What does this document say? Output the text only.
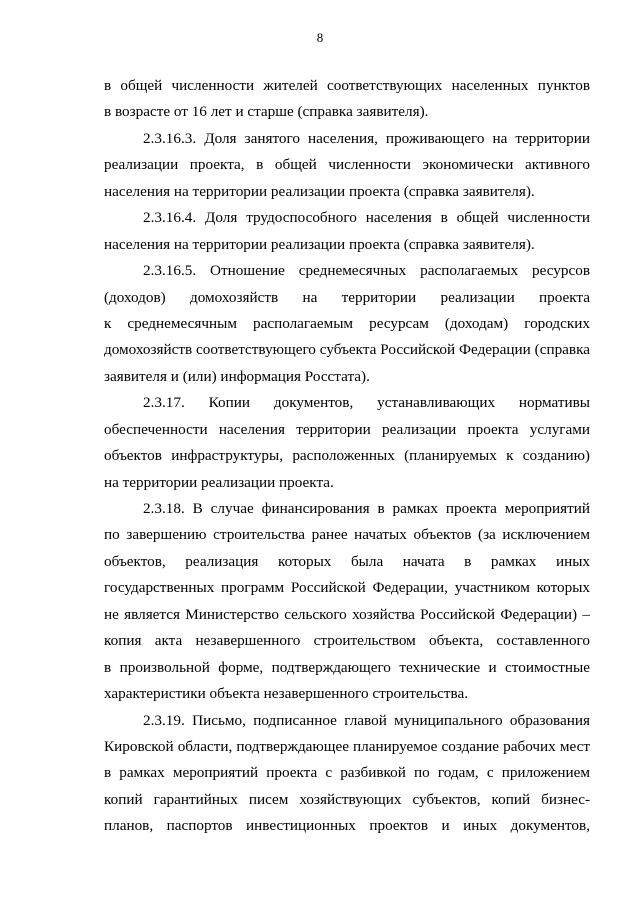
8
в общей численности жителей соответствующих населенных пунктов
в возрасте от 16 лет и старше (справка заявителя).
2.3.16.3. Доля занятого населения, проживающего на территории
реализации проекта, в общей численности экономически активного
населения на территории реализации проекта (справка заявителя).
2.3.16.4. Доля трудоспособного населения в общей численности
населения на территории реализации проекта (справка заявителя).
2.3.16.5. Отношение среднемесячных располагаемых ресурсов
(доходов) домохозяйств на территории реализации проекта
к среднемесячным располагаемым ресурсам (доходам) городских
домохозяйств соответствующего субъекта Российской Федерации (справка
заявителя и (или) информация Росстата).
2.3.17. Копии документов, устанавливающих нормативы
обеспеченности населения территории реализации проекта услугами
объектов инфраструктуры, расположенных (планируемых к созданию)
на территории реализации проекта.
2.3.18. В случае финансирования в рамках проекта мероприятий
по завершению строительства ранее начатых объектов (за исключением
объектов, реализация которых была начата в рамках иных
государственных программ Российской Федерации, участником которых
не является Министерство сельского хозяйства Российской Федерации) –
копия акта незавершенного строительством объекта, составленного
в произвольной форме, подтверждающего технические и стоимостные
характеристики объекта незавершенного строительства.
2.3.19. Письмо, подписанное главой муниципального образования
Кировской области, подтверждающее планируемое создание рабочих мест
в рамках мероприятий проекта с разбивкой по годам, с приложением
копий гарантийных писем хозяйствующих субъектов, копий бизнес-
планов, паспортов инвестиционных проектов и иных документов,
